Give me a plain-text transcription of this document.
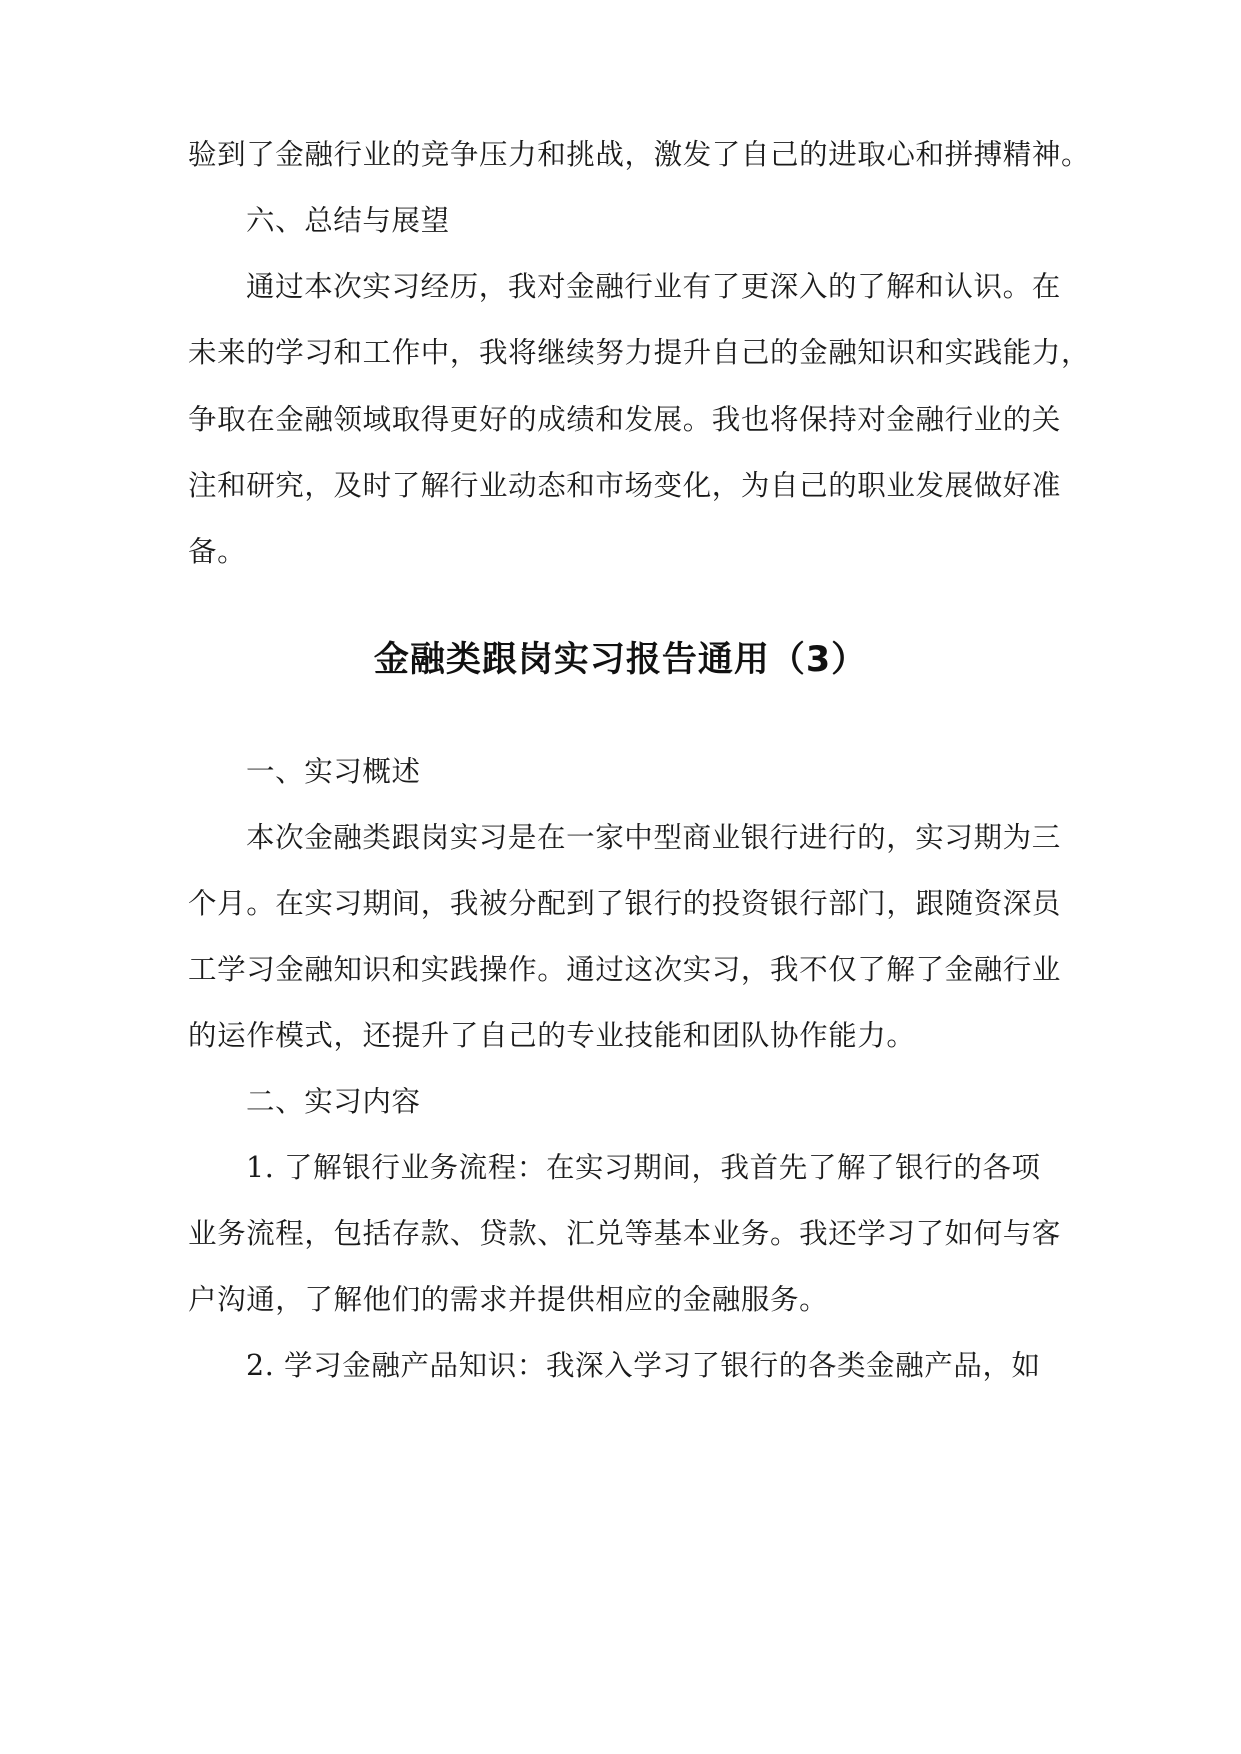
验到了金融行业的竞争压力和挑战，激发了自己的进取心和拼搏精神。
六、总结与展望
通过本次实习经历，我对金融行业有了更深入的了解和认识。在
未来的学习和工作中，我将继续努力提升自己的金融知识和实践能力，
争取在金融领域取得更好的成绩和发展。我也将保持对金融行业的关
注和研究，及时了解行业动态和市场变化，为自己的职业发展做好准
备。
金融类跟岗实习报告通用（3）
一、实习概述
本次金融类跟岗实习是在一家中型商业银行进行的，实习期为三
个月。在实习期间，我被分配到了银行的投资银行部门，跟随资深员
工学习金融知识和实践操作。通过这次实习，我不仅了解了金融行业
的运作模式，还提升了自己的专业技能和团队协作能力。
二、实习内容
1. 了解银行业务流程：在实习期间，我首先了解了银行的各项
业务流程，包括存款、贷款、汇兑等基本业务。我还学习了如何与客
户沟通，了解他们的需求并提供相应的金融服务。
2. 学习金融产品知识：我深入学习了银行的各类金融产品，如
